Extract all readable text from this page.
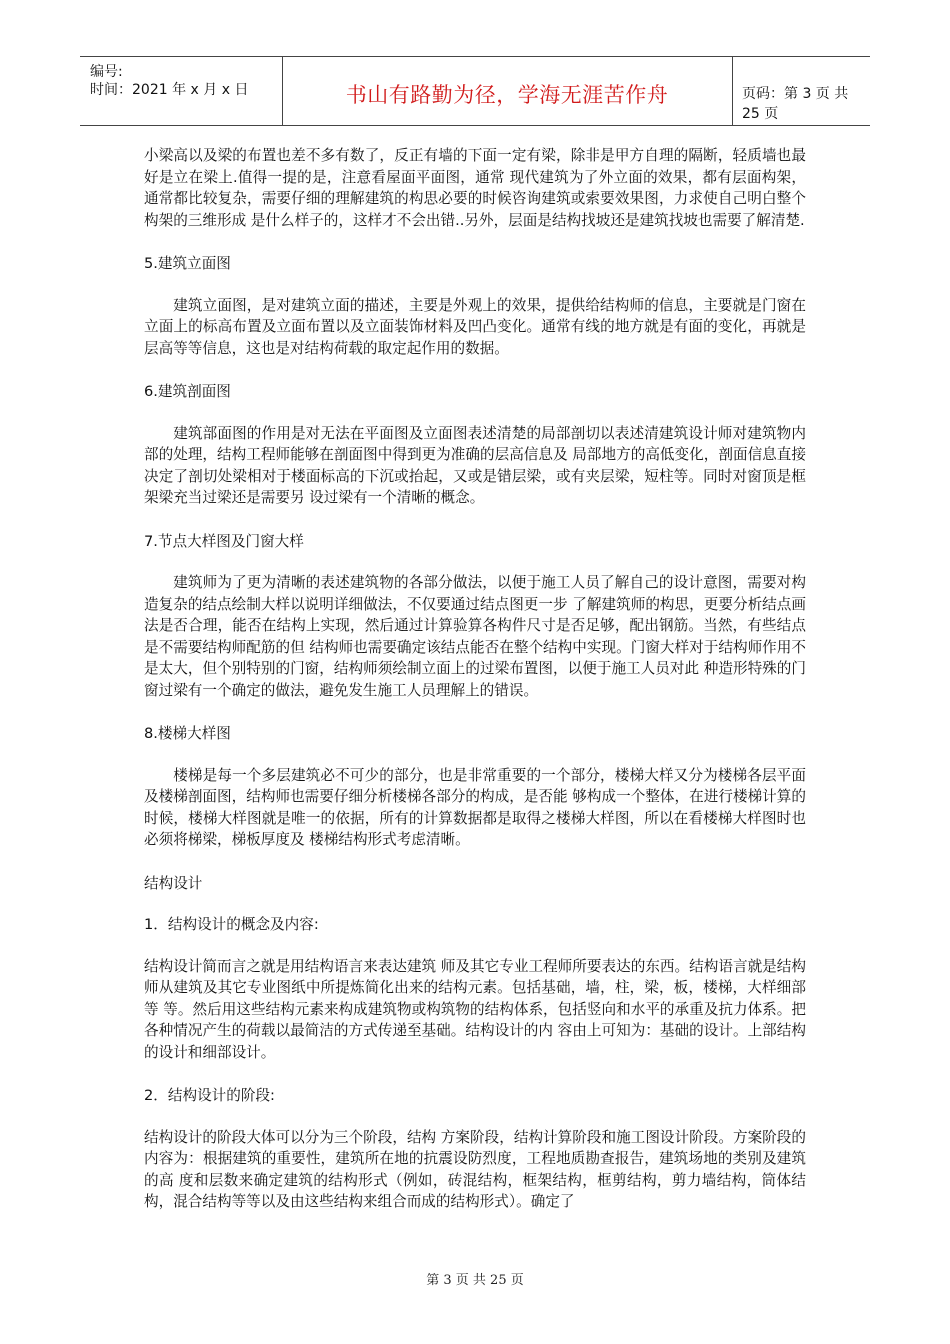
编号:
时间：2021 年 x 月 x 日	书山有路勤为径，学海无涯苦作舟	页码：第 3 页 共 25 页

小梁高以及梁的布置也差不多有数了，反正有墙的下面一定有梁，除非是甲方自理的隔断，轻质墙也最好是立在梁上.值得一提的是，注意看屋面平面图，通常 现代建筑为了外立面的效果，都有层面构架，通常都比较复杂，需要仔细的理解建筑的构思必要的时候咨询建筑或索要效果图，力求使自己明白整个构架的三维形成 是什么样子的，这样才不会出错..另外，层面是结构找坡还是建筑找坡也需要了解清楚.

5.建筑立面图

建筑立面图，是对建筑立面的描述，主要是外观上的效果，提供给结构师的信息，主要就是门窗在立面上的标高布置及立面布置以及立面装饰材料及凹凸变化。通常有线的地方就是有面的变化，再就是层高等等信息，这也是对结构荷载的取定起作用的数据。

6.建筑剖面图

建筑部面图的作用是对无法在平面图及立面图表述清楚的局部剖切以表述清建筑设计师对建筑物内部的处理，结构工程师能够在剖面图中得到更为准确的层高信息及 局部地方的高低变化，剖面信息直接决定了剖切处梁相对于楼面标高的下沉或抬起，又或是错层梁，或有夹层梁，短柱等。同时对窗顶是框架梁充当过梁还是需要另 设过梁有一个清晰的概念。

7.节点大样图及门窗大样

建筑师为了更为清晰的表述建筑物的各部分做法，以便于施工人员了解自己的设计意图，需要对构造复杂的结点绘制大样以说明详细做法，不仅要通过结点图更一步 了解建筑师的构思，更要分析结点画法是否合理，能否在结构上实现，然后通过计算验算各构件尺寸是否足够，配出钢筋。当然，有些结点是不需要结构师配筋的但 结构师也需要确定该结点能否在整个结构中实现。门窗大样对于结构师作用不是太大，但个别特别的门窗，结构师须绘制立面上的过梁布置图，以便于施工人员对此 种造形特殊的门窗过梁有一个确定的做法，避免发生施工人员理解上的错误。

8.楼梯大样图

楼梯是每一个多层建筑必不可少的部分，也是非常重要的一个部分，楼梯大样又分为楼梯各层平面及楼梯剖面图，结构师也需要仔细分析楼梯各部分的构成，是否能 够构成一个整体，在进行楼梯计算的时候，楼梯大样图就是唯一的依据，所有的计算数据都是取得之楼梯大样图，所以在看楼梯大样图时也必须将梯梁，梯板厚度及 楼梯结构形式考虑清晰。

结构设计

1．结构设计的概念及内容:

结构设计简而言之就是用结构语言来表达建筑 师及其它专业工程师所要表达的东西。结构语言就是结构师从建筑及其它专业图纸中所提炼简化出来的结构元素。包括基础，墙，柱，梁，板，楼梯，大样细部等 等。然后用这些结构元素来构成建筑物或构筑物的结构体系，包括竖向和水平的承重及抗力体系。把各种情况产生的荷载以最简洁的方式传递至基础。结构设计的内 容由上可知为：基础的设计。上部结构的设计和细部设计。

2．结构设计的阶段:

结构设计的阶段大体可以分为三个阶段，结构 方案阶段，结构计算阶段和施工图设计阶段。方案阶段的内容为：根据建筑的重要性，建筑所在地的抗震设防烈度，工程地质勘查报告，建筑场地的类别及建筑的高 度和层数来确定建筑的结构形式（例如，砖混结构，框架结构，框剪结构，剪力墙结构，筒体结构，混合结构等等以及由这些结构来组合而成的结构形式）。确定了

第 3 页 共 25 页
